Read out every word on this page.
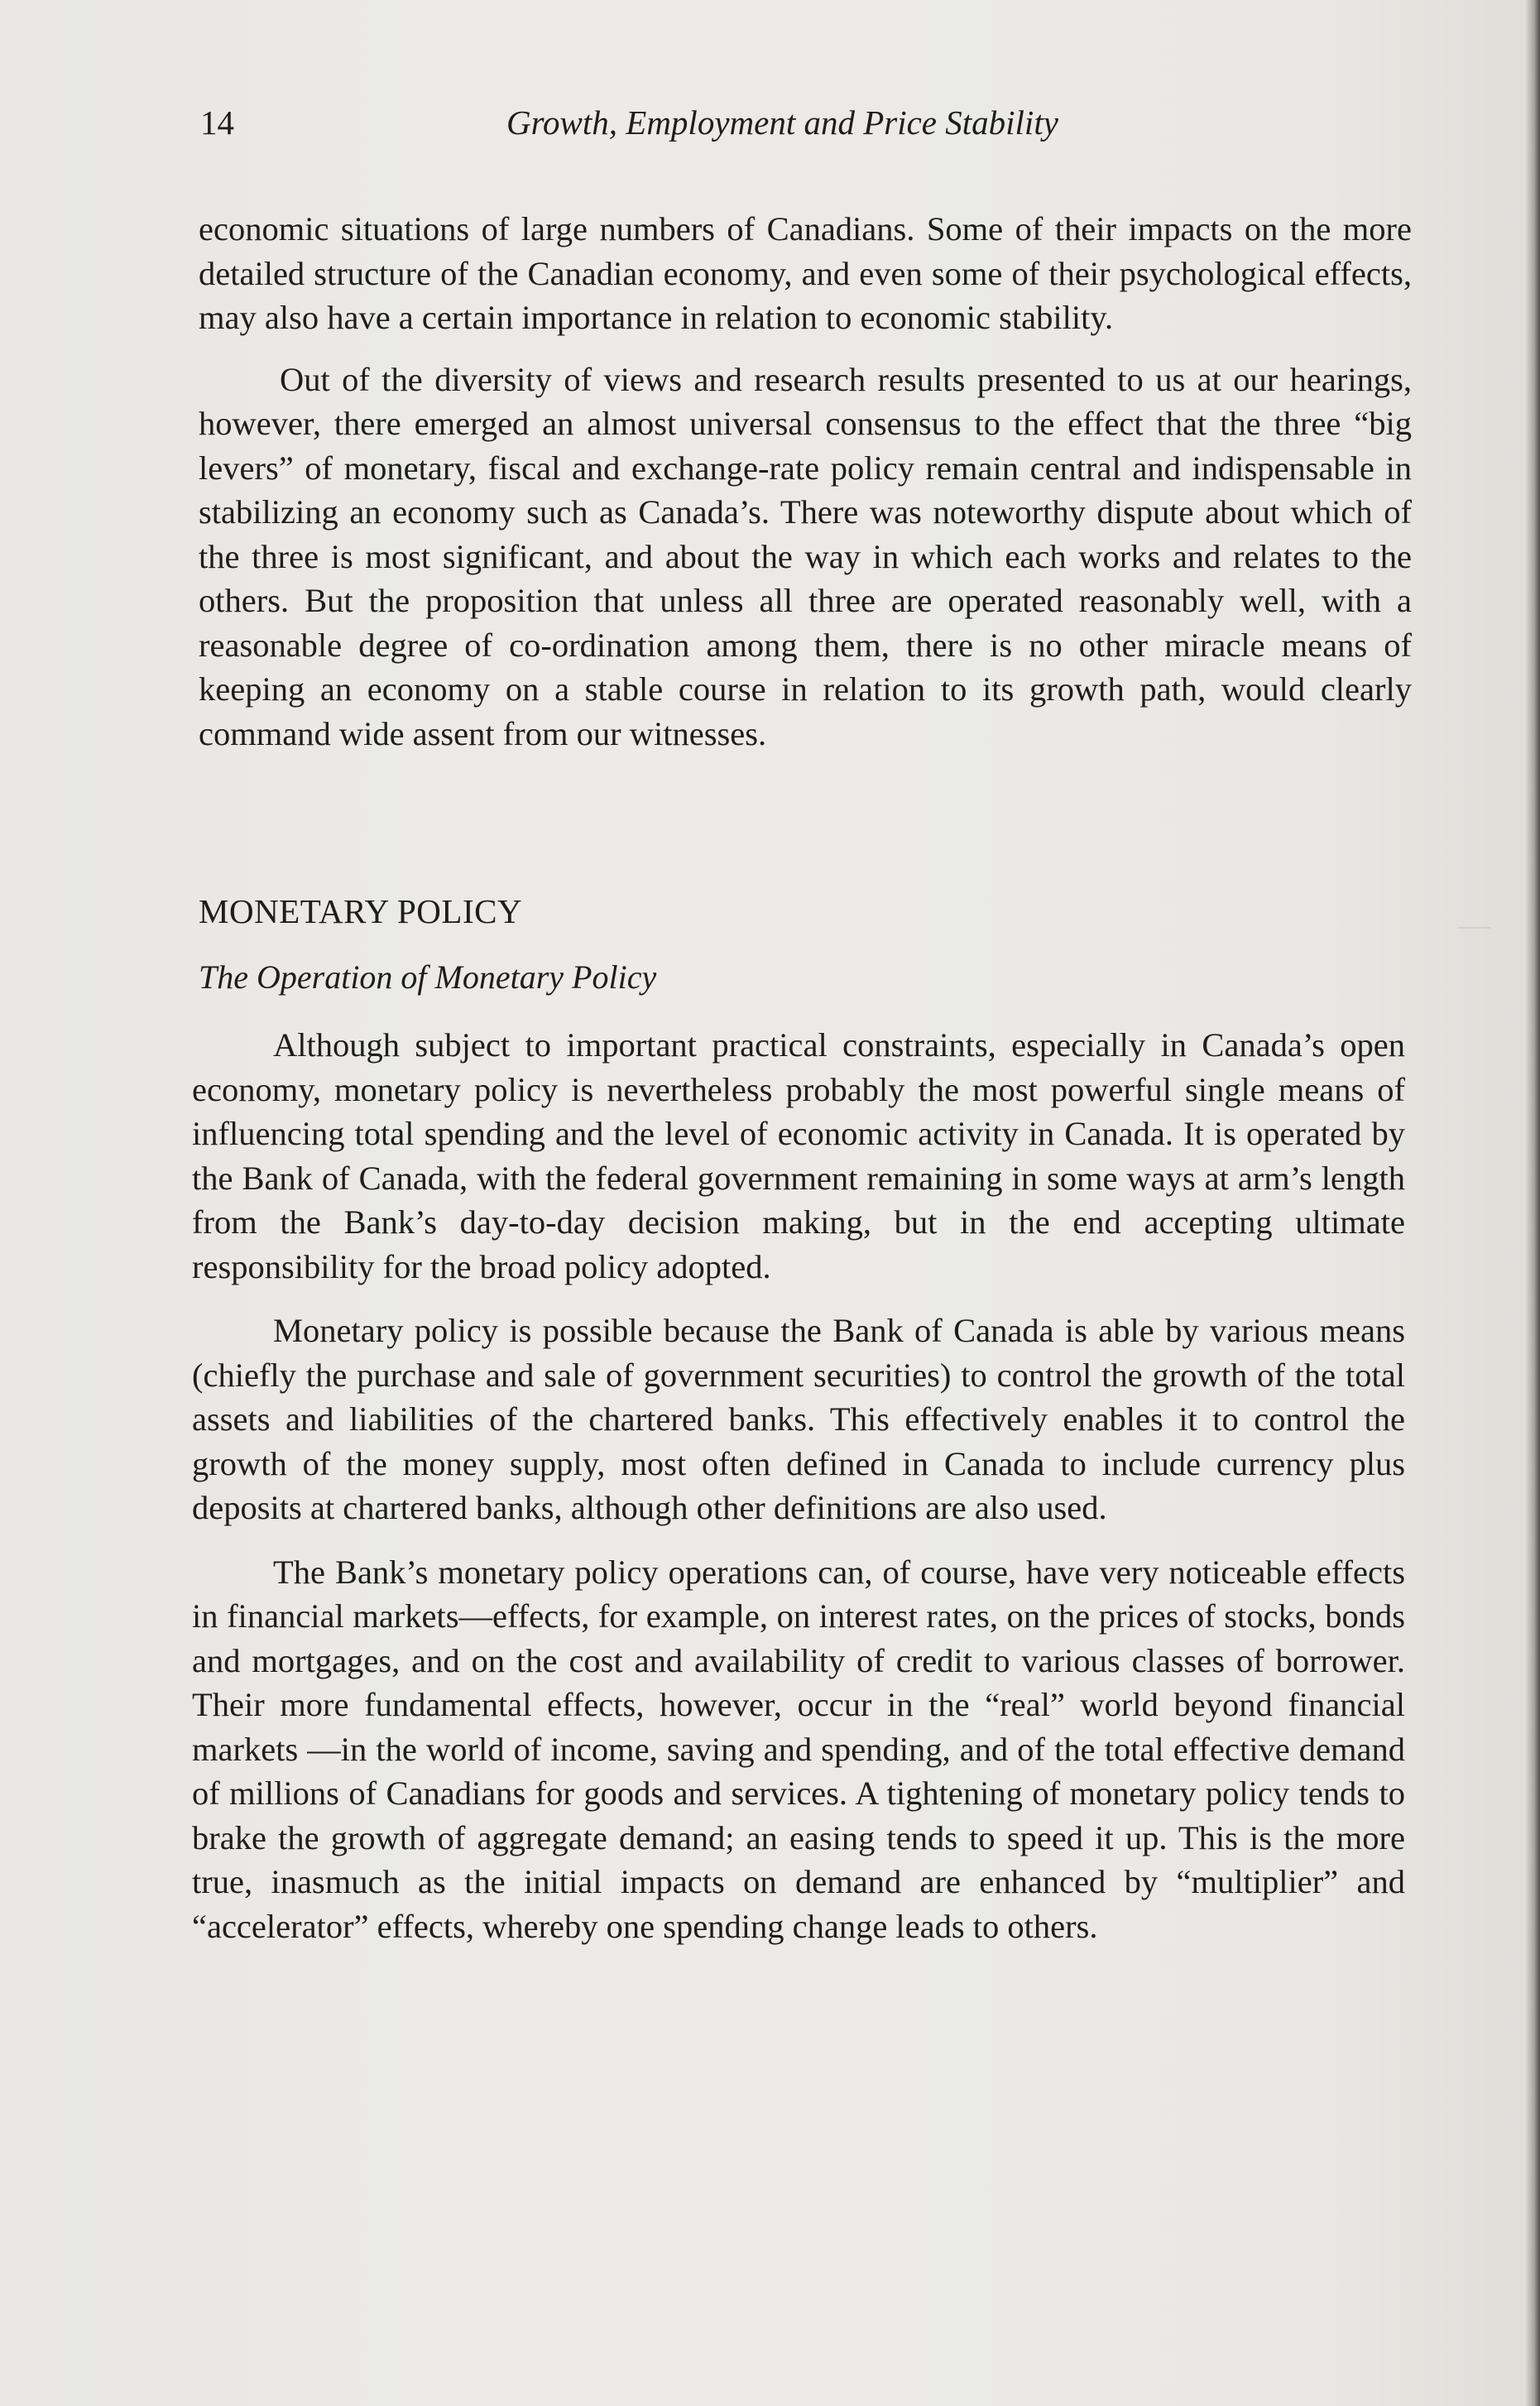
14	Growth, Employment and Price Stability

economic situations of large numbers of Canadians. Some of their impacts on the more detailed structure of the Canadian economy, and even some of their psychological effects, may also have a certain importance in relation to economic stability.

Out of the diversity of views and research results presented to us at our hearings, however, there emerged an almost universal consensus to the effect that the three “big levers” of monetary, fiscal and exchange-rate policy remain central and indispensable in stabilizing an economy such as Canada’s. There was noteworthy dispute about which of the three is most significant, and about the way in which each works and relates to the others. But the proposition that unless all three are operated reasonably well, with a reasonable degree of co-ordination among them, there is no other miracle means of keeping an economy on a stable course in relation to its growth path, would clearly command wide assent from our witnesses.

MONETARY POLICY
The Operation of Monetary Policy

Although subject to important practical constraints, especially in Canada’s open economy, monetary policy is nevertheless probably the most powerful single means of influencing total spending and the level of economic activity in Canada. It is operated by the Bank of Canada, with the federal government remaining in some ways at arm’s length from the Bank’s day-to-day decision making, but in the end accepting ultimate responsibility for the broad policy adopted.

Monetary policy is possible because the Bank of Canada is able by various means (chiefly the purchase and sale of government securities) to control the growth of the total assets and liabilities of the chartered banks. This effectively enables it to control the growth of the money supply, most often defined in Canada to include currency plus deposits at chartered banks, although other definitions are also used.

The Bank’s monetary policy operations can, of course, have very noticeable effects in financial markets—effects, for example, on interest rates, on the prices of stocks, bonds and mortgages, and on the cost and availability of credit to various classes of borrower. Their more fundamental effects, however, occur in the “real” world beyond financial markets —in the world of income, saving and spending, and of the total effective demand of millions of Canadians for goods and services. A tightening of monetary policy tends to brake the growth of aggregate demand; an easing tends to speed it up. This is the more true, inasmuch as the initial impacts on demand are enhanced by “multiplier” and “accelerator” effects, whereby one spending change leads to others.
